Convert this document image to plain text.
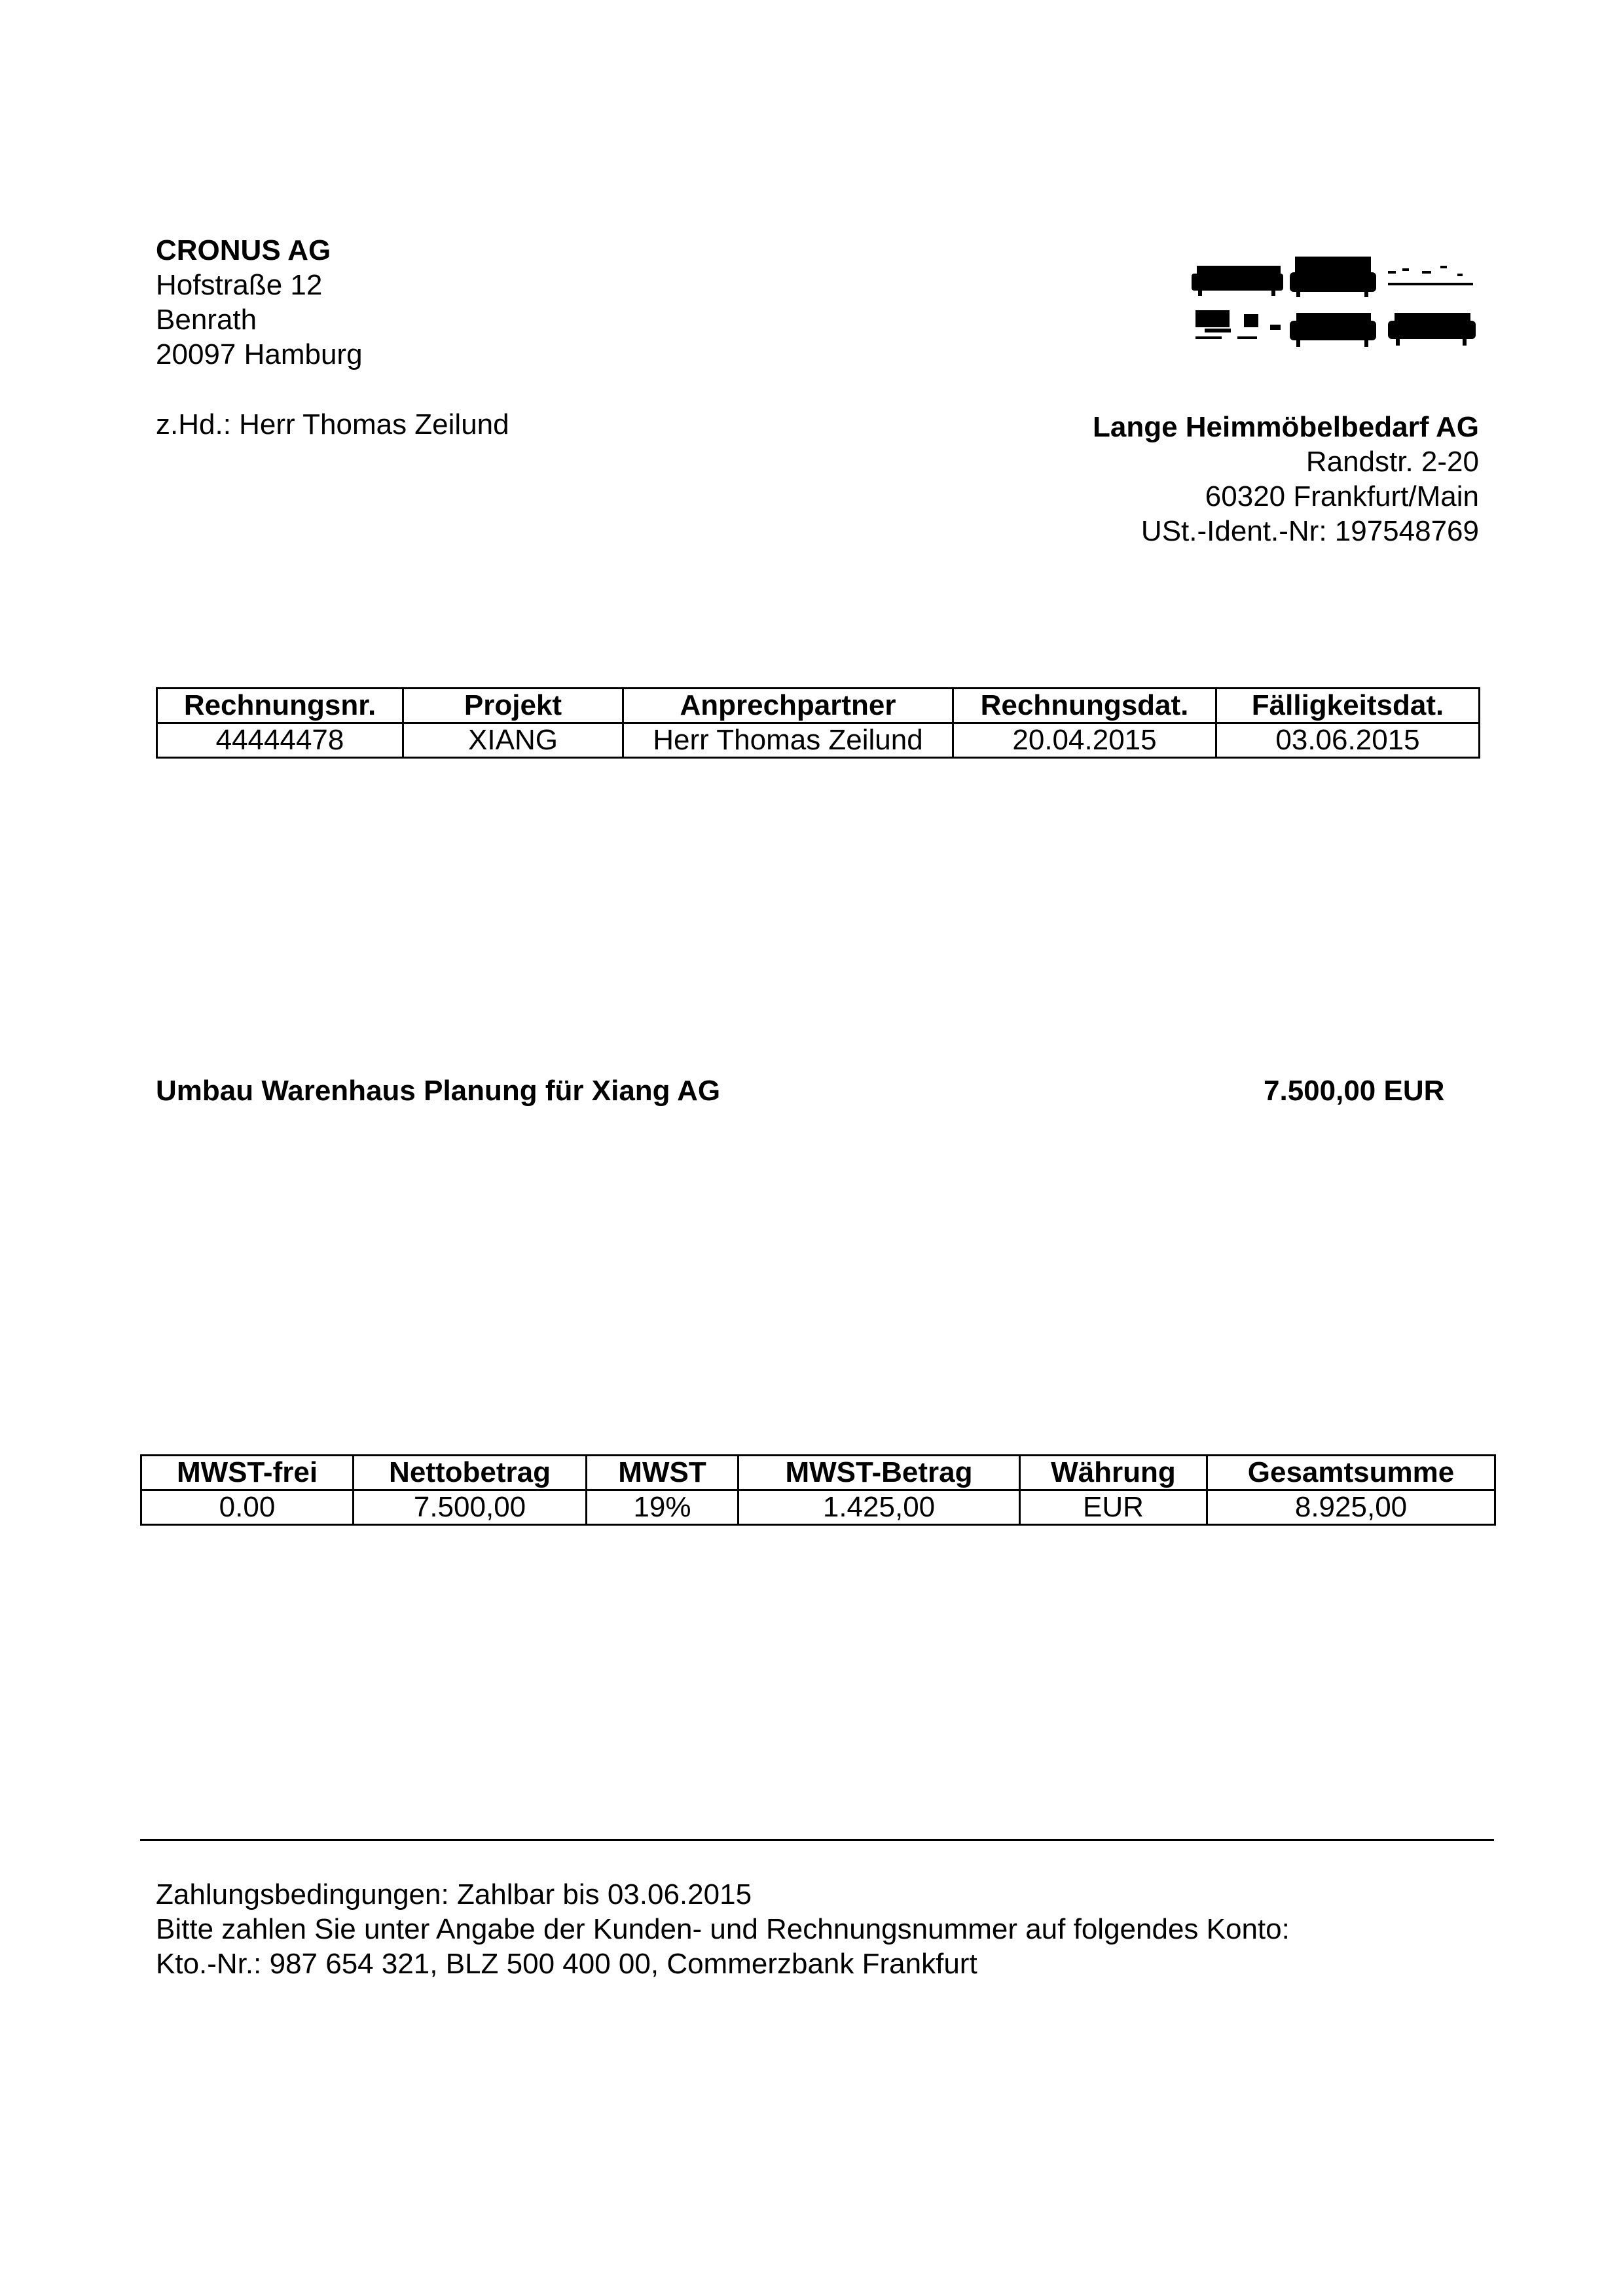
CRONUS AG
Hofstraße 12
Benrath
20097 Hamburg
z.Hd.: Herr Thomas Zeilund	Lange Heimmöbelbedarf AG
Randstr. 2-20
60320 Frankfurt/Main
USt.-Ident.-Nr: 197548769
Rechnungsnr.	Projekt	Anprechpartner	Rechnungsdat.	Fälligkeitsdat.
44444478	XIANG	Herr Thomas Zeilund	20.04.2015	03.06.2015
Umbau Warenhaus Planung für Xiang AG	7.500,00 EUR
MWST-frei	Nettobetrag	MWST	MWST-Betrag	Währung	Gesamtsumme
0.00	7.500,00	19%	1.425,00	EUR	8.925,00
Zahlungsbedingungen: Zahlbar bis 03.06.2015
Bitte zahlen Sie unter Angabe der Kunden- und Rechnungsnummer auf folgendes Konto:
Kto.-Nr.: 987 654 321, BLZ 500 400 00, Commerzbank Frankfurt
